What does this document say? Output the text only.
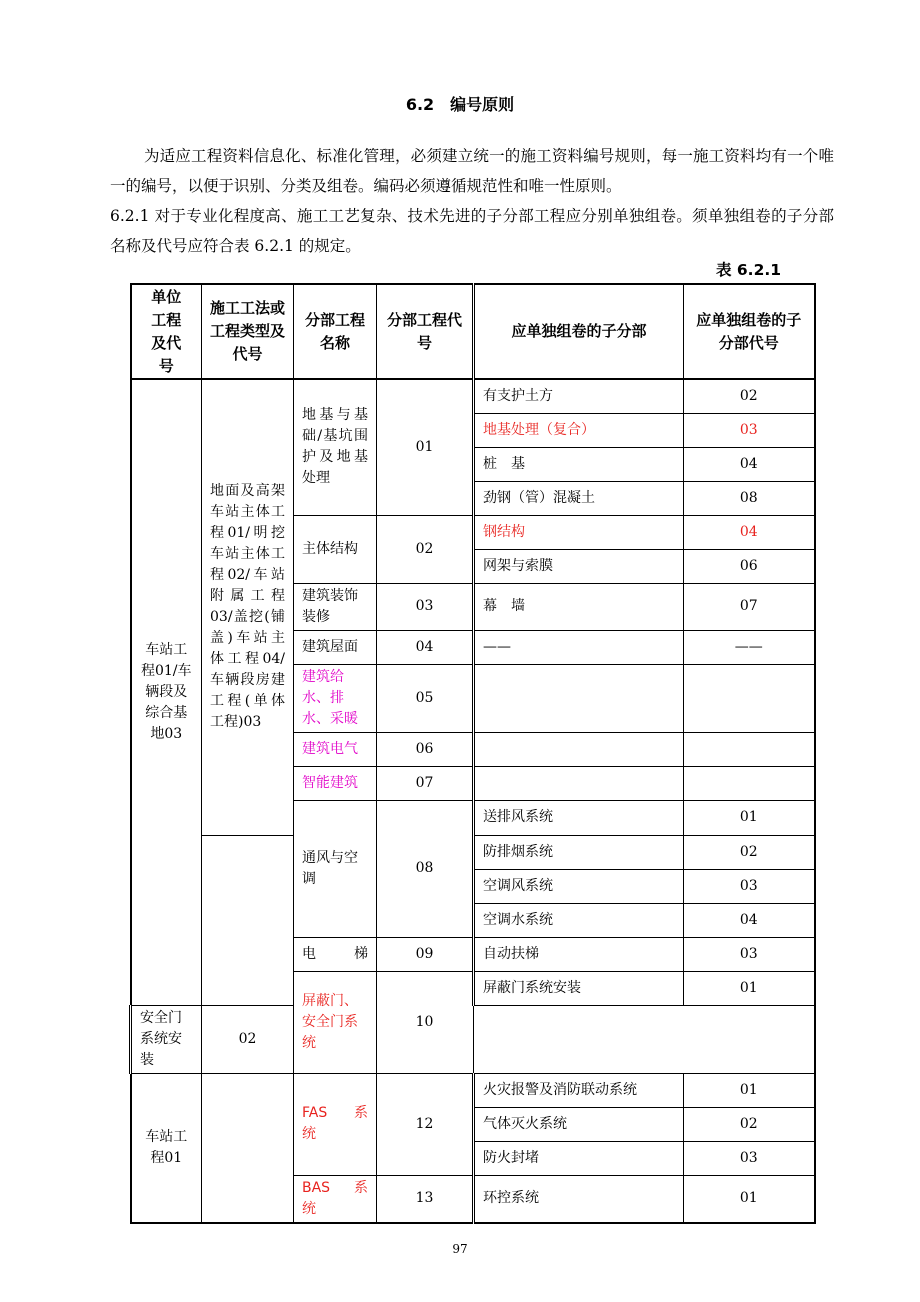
6.2　编号原则

为适应工程资料信息化、标准化管理，必须建立统一的施工资料编号规则，每一施工资料均有一个唯一的编号，以便于识别、分类及组卷。编码必须遵循规范性和唯一性原则。

6.2.1 对于专业化程度高、施工工艺复杂、技术先进的子分部工程应分别单独组卷。须单独组卷的子分部名称及代号应符合表 6.2.1 的规定。

表 6.2.1
单位工程及代号	施工工法或工程类型及代号	分部工程名称	分部工程代号	应单独组卷的子分部	应单独组卷的子分部代号
车站工程01/车辆段及综合基地03	地面及高架车站主体工程01/明挖车站主体工程02/车站附属工程03/盖挖(铺盖)车站主体工程04/车辆段房建工程(单体工程)03	地基与基础/基坑围护及地基处理	01	有支护土方	02
				地基处理（复合）	03
				桩　基	04
				劲钢（管）混凝土	08
		主体结构	02	钢结构	04
				网架与索膜	06
		建筑装饰装修	03	幕　墙	07
		建筑屋面	04	——	——
		建筑给水、排水、采暖	05		
		建筑电气	06		
		智能建筑	07		
		通风与空调	08	送排风系统	01
				防排烟系统	02
				空调风系统	03
				空调水系统	04
		电　　梯	09	自动扶梯	03
		屏蔽门、安全门系统	10	屏蔽门系统安装	01
安全门系统安装	02				
车站工程01		FAS　系统	12	火灾报警及消防联动系统	01
				气体灭火系统	02
				防火封堵	03
		BAS　系统	13	环控系统	01
97
